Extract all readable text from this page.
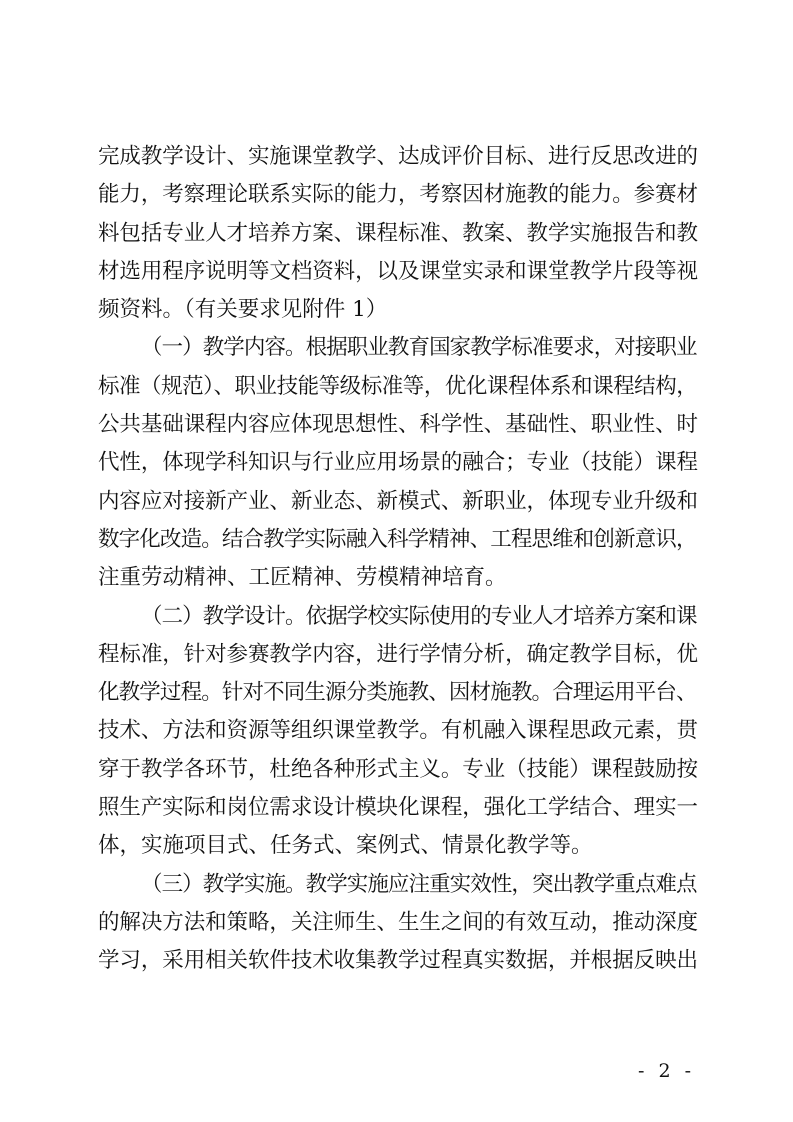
完成教学设计、实施课堂教学、达成评价目标、进行反思改进的
能力，考察理论联系实际的能力，考察因材施教的能力。参赛材
料包括专业人才培养方案、课程标准、教案、教学实施报告和教
材选用程序说明等文档资料，以及课堂实录和课堂教学片段等视
频资料。（有关要求见附件 1）
（一）教学内容。根据职业教育国家教学标准要求，对接职业
标准（规范）、职业技能等级标准等，优化课程体系和课程结构，
公共基础课程内容应体现思想性、科学性、基础性、职业性、时
代性，体现学科知识与行业应用场景的融合；专业（技能）课程
内容应对接新产业、新业态、新模式、新职业，体现专业升级和
数字化改造。结合教学实际融入科学精神、工程思维和创新意识，
注重劳动精神、工匠精神、劳模精神培育。
（二）教学设计。依据学校实际使用的专业人才培养方案和课
程标准，针对参赛教学内容，进行学情分析，确定教学目标，优
化教学过程。针对不同生源分类施教、因材施教。合理运用平台、
技术、方法和资源等组织课堂教学。有机融入课程思政元素，贯
穿于教学各环节，杜绝各种形式主义。专业（技能）课程鼓励按
照生产实际和岗位需求设计模块化课程，强化工学结合、理实一
体，实施项目式、任务式、案例式、情景化教学等。
（三）教学实施。教学实施应注重实效性，突出教学重点难点
的解决方法和策略，关注师生、生生之间的有效互动，推动深度
学习，采用相关软件技术收集教学过程真实数据，并根据反映出
- 2 -
